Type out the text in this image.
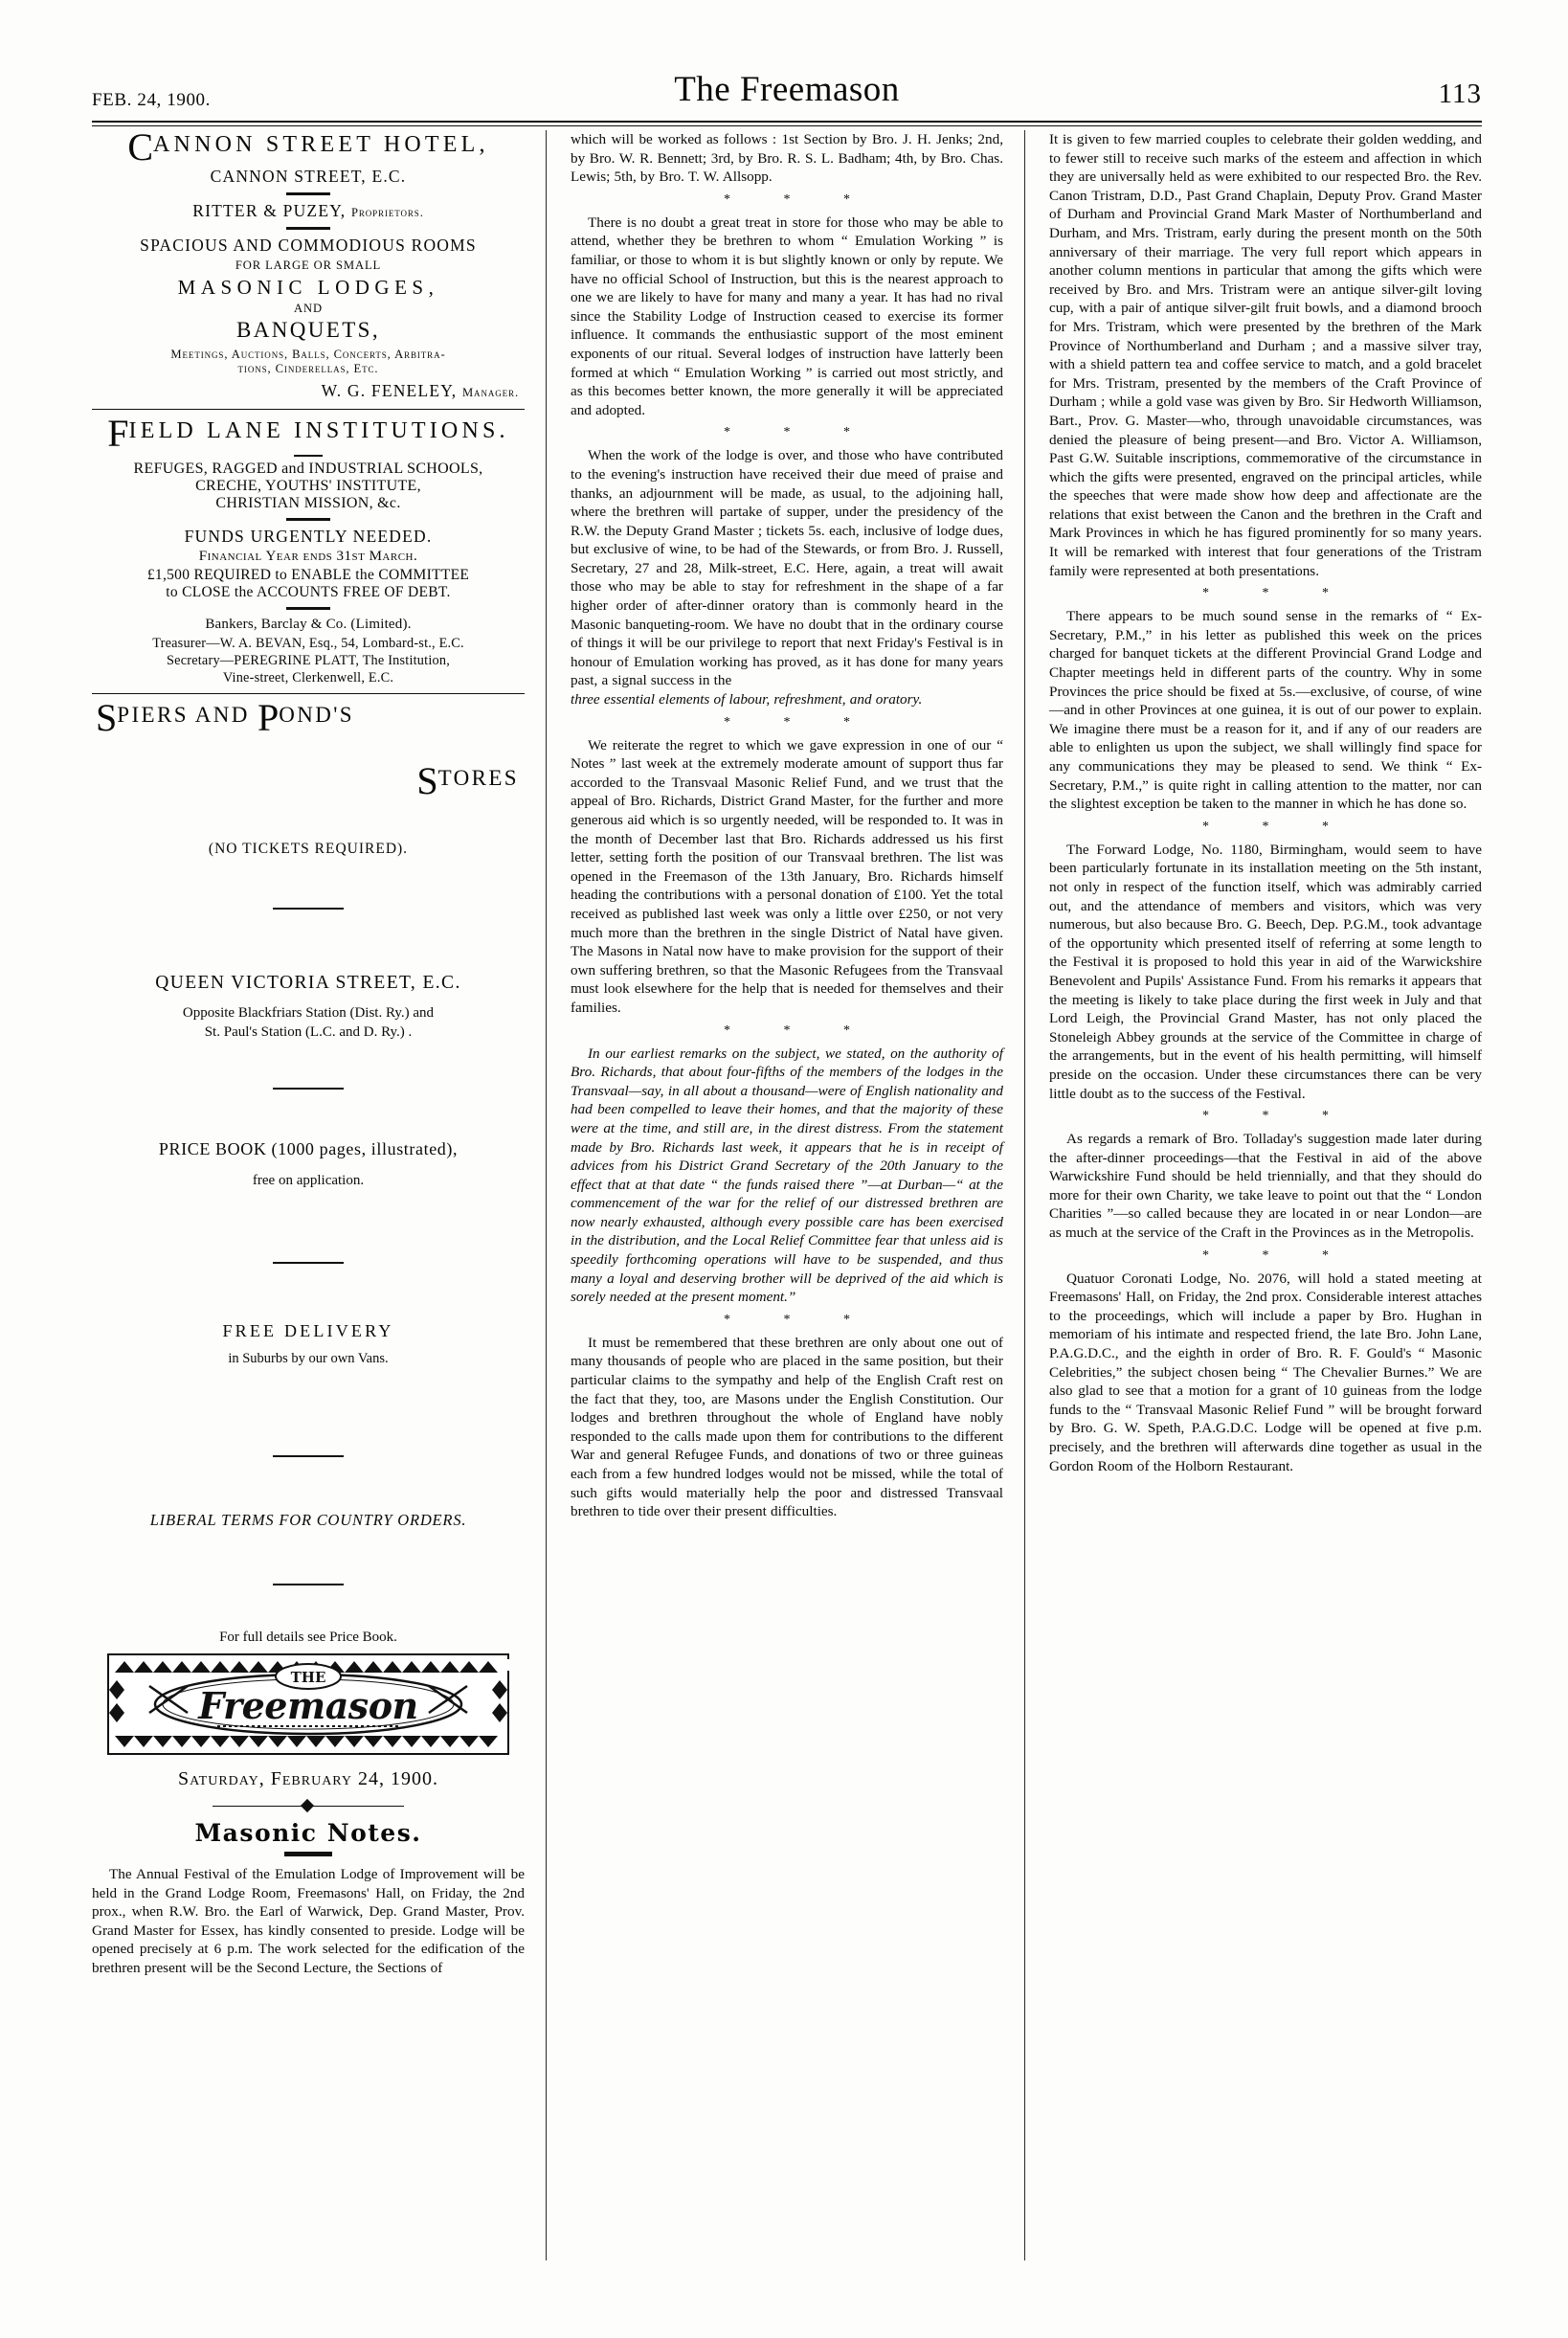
FEB. 24, 1900.	The Freemason	113
CANNON STREET HOTEL,
CANNON STREET, E.C.
RITTER & PUZEY, Proprietors.
SPACIOUS AND COMMODIOUS ROOMS
FOR LARGE OR SMALL
MASONIC LODGES,
AND
BANQUETS,
Meetings, Auctions, Balls, Concerts, Arbitra-
tions, Cinderellas, Etc.
W. G. FENELEY, Manager.
FIELD LANE INSTITUTIONS.
REFUGES, RAGGED and INDUSTRIAL SCHOOLS,
CRECHE, YOUTHS' INSTITUTE,
CHRISTIAN MISSION, &c.
FUNDS URGENTLY NEEDED.
Financial Year ends 31st March.
£1,500 REQUIRED to ENABLE the COMMITTEE
to CLOSE the ACCOUNTS FREE OF DEBT.
Bankers, Barclay & Co. (Limited).
Treasurer—W. A. BEVAN, Esq., 54, Lombard-st., E.C.
Secretary—PEREGRINE PLATT, The Institution,
Vine-street, Clerkenwell, E.C.
SPIERS AND POND'S
STORES
(NO TICKETS REQUIRED).
QUEEN VICTORIA STREET, E.C.
Opposite Blackfriars Station (Dist. Ry.) and
St. Paul's Station (L.C. and D. Ry.) .
PRICE BOOK (1000 pages, illustrated),
free on application.
FREE DELIVERY
in Suburbs by our own Vans.
LIBERAL TERMS FOR COUNTRY ORDERS.
For full details see Price Book.
THE
Freemason
Saturday, February 24, 1900.
Masonic Notes.

The Annual Festival of the Emulation Lodge of Improvement will be held in the Grand Lodge Room, Freemasons' Hall, on Friday, the 2nd prox., when R.W. Bro. the Earl of Warwick, Dep. Grand Master, Prov. Grand Master for Essex, has kindly consented to preside. Lodge will be opened precisely at 6 p.m. The work selected for the edification of the brethren present will be the Second Lecture, the Sections of

which will be worked as follows : 1st Section by Bro. J. H. Jenks; 2nd, by Bro. W. R. Bennett; 3rd, by Bro. R. S. L. Badham; 4th, by Bro. Chas. Lewis; 5th, by Bro. T. W. Allsopp.

* * *

There is no doubt a great treat in store for those who may be able to attend, whether they be brethren to whom “ Emulation Working ” is familiar, or those to whom it is but slightly known or only by repute. We have no official School of Instruction, but this is the nearest approach to one we are likely to have for many and many a year. It has had no rival since the Stability Lodge of Instruction ceased to exercise its former influence. It commands the enthusiastic support of the most eminent exponents of our ritual. Several lodges of instruction have latterly been formed at which “ Emulation Working ” is carried out most strictly, and as this becomes better known, the more generally it will be appreciated and adopted.

* * *

When the work of the lodge is over, and those who have contributed to the evening's instruction have received their due meed of praise and thanks, an adjournment will be made, as usual, to the adjoining hall, where the brethren will partake of supper, under the presidency of the R.W. the Deputy Grand Master ; tickets 5s. each, inclusive of lodge dues, but exclusive of wine, to be had of the Stewards, or from Bro. J. Russell, Secretary, 27 and 28, Milk-street, E.C. Here, again, a treat will await those who may be able to stay for refreshment in the shape of a far higher order of after-dinner oratory than is commonly heard in the Masonic banqueting-room. We have no doubt that in the ordinary course of things it will be our privilege to report that next Friday's Festival is in honour of Emulation working has proved, as it has done for many years past, a signal success in the

three essential elements of labour, refreshment, and oratory.

* * *

We reiterate the regret to which we gave expression in one of our “ Notes ” last week at the extremely moderate amount of support thus far accorded to the Transvaal Masonic Relief Fund, and we trust that the appeal of Bro. Richards, District Grand Master, for the further and more generous aid which is so urgently needed, will be responded to. It was in the month of December last that Bro. Richards addressed us his first letter, setting forth the position of our Transvaal brethren. The list was opened in the Freemason of the 13th January, Bro. Richards himself heading the contributions with a personal donation of £100. Yet the total received as published last week was only a little over £250, or not very much more than the brethren in the single District of Natal have given. The Masons in Natal now have to make provision for the support of their own suffering brethren, so that the Masonic Refugees from the Transvaal must look elsewhere for the help that is needed for themselves and their families.

* * *

In our earliest remarks on the subject, we stated, on the authority of Bro. Richards, that about four-fifths of the members of the lodges in the Transvaal—say, in all about a thousand—were of English nationality and had been compelled to leave their homes, and that the majority of these were at the time, and still are, in the direst distress. From the statement made by Bro. Richards last week, it appears that he is in receipt of advices from his District Grand Secretary of the 20th January to the effect that at that date “ the funds raised there ”—at Durban—“ at the commencement of the war for the relief of our distressed brethren are now nearly exhausted, although every possible care has been exercised in the distribution, and the Local Relief Committee fear that unless aid is speedily forthcoming operations will have to be suspended, and thus many a loyal and deserving brother will be deprived of the aid which is sorely needed at the present moment.”

* * *

It must be remembered that these brethren are only about one out of many thousands of people who are placed in the same position, but their particular claims to the sympathy and help of the English Craft rest on the fact that they, too, are Masons under the English Constitution. Our lodges and brethren throughout the whole of England have nobly responded to the calls made upon them for contributions to the different War and general Refugee Funds, and donations of two or three guineas each from a few hundred lodges would not be missed, while the total of such gifts would materially help the poor and distressed Transvaal brethren to tide over their present difficulties.

It is given to few married couples to celebrate their golden wedding, and to fewer still to receive such marks of the esteem and affection in which they are universally held as were exhibited to our respected Bro. the Rev. Canon Tristram, D.D., Past Grand Chaplain, Deputy Prov. Grand Master of Durham and Provincial Grand Mark Master of Northumberland and Durham, and Mrs. Tristram, early during the present month on the 50th anniversary of their marriage. The very full report which appears in another column mentions in particular that among the gifts which were received by Bro. and Mrs. Tristram were an antique silver-gilt loving cup, with a pair of antique silver-gilt fruit bowls, and a diamond brooch for Mrs. Tristram, which were presented by the brethren of the Mark Province of Northumberland and Durham ; and a massive silver tray, with a shield pattern tea and coffee service to match, and a gold bracelet for Mrs. Tristram, presented by the members of the Craft Province of Durham ; while a gold vase was given by Bro. Sir Hedworth Williamson, Bart., Prov. G. Master—who, through unavoidable circumstances, was denied the pleasure of being present—and Bro. Victor A. Williamson, Past G.W. Suitable inscriptions, commemorative of the circumstance in which the gifts were presented, engraved on the principal articles, while the speeches that were made show how deep and affectionate are the relations that exist between the Canon and the brethren in the Craft and Mark Provinces in which he has figured prominently for so many years. It will be remarked with interest that four generations of the Tristram family were represented at both presentations.

* * *

There appears to be much sound sense in the remarks of “ Ex-Secretary, P.M.,” in his letter as published this week on the prices charged for banquet tickets at the different Provincial Grand Lodge and Chapter meetings held in different parts of the country. Why in some Provinces the price should be fixed at 5s.—exclusive, of course, of wine—and in other Provinces at one guinea, it is out of our power to explain. We imagine there must be a reason for it, and if any of our readers are able to enlighten us upon the subject, we shall willingly find space for any communications they may be pleased to send. We think “ Ex-Secretary, P.M.,” is quite right in calling attention to the matter, nor can the slightest exception be taken to the manner in which he has done so.

* * *

The Forward Lodge, No. 1180, Birmingham, would seem to have been particularly fortunate in its installation meeting on the 5th instant, not only in respect of the function itself, which was admirably carried out, and the attendance of members and visitors, which was very numerous, but also because Bro. G. Beech, Dep. P.G.M., took advantage of the opportunity which presented itself of referring at some length to the Festival it is proposed to hold this year in aid of the Warwickshire Benevolent and Pupils' Assistance Fund. From his remarks it appears that the meeting is likely to take place during the first week in July and that Lord Leigh, the Provincial Grand Master, has not only placed the Stoneleigh Abbey grounds at the service of the Committee in charge of the arrangements, but in the event of his health permitting, will himself preside on the occasion. Under these circumstances there can be very little doubt as to the success of the Festival.

* * *

As regards a remark of Bro. Tolladay's suggestion made later during the after-dinner proceedings—that the Festival in aid of the above Warwickshire Fund should be held triennially, and that they should do more for their own Charity, we take leave to point out that the “ London Charities ”—so called because they are located in or near London—are as much at the service of the Craft in the Provinces as in the Metropolis.

* * *

Quatuor Coronati Lodge, No. 2076, will hold a stated meeting at Freemasons' Hall, on Friday, the 2nd prox. Considerable interest attaches to the proceedings, which will include a paper by Bro. Hughan in memoriam of his intimate and respected friend, the late Bro. John Lane, P.A.G.D.C., and the eighth in order of Bro. R. F. Gould's “ Masonic Celebrities,” the subject chosen being “ The Chevalier Burnes.” We are also glad to see that a motion for a grant of 10 guineas from the lodge funds to the “ Transvaal Masonic Relief Fund ” will be brought forward by Bro. G. W. Speth, P.A.G.D.C. Lodge will be opened at five p.m. precisely, and the brethren will afterwards dine together as usual in the Gordon Room of the Holborn Restaurant.
